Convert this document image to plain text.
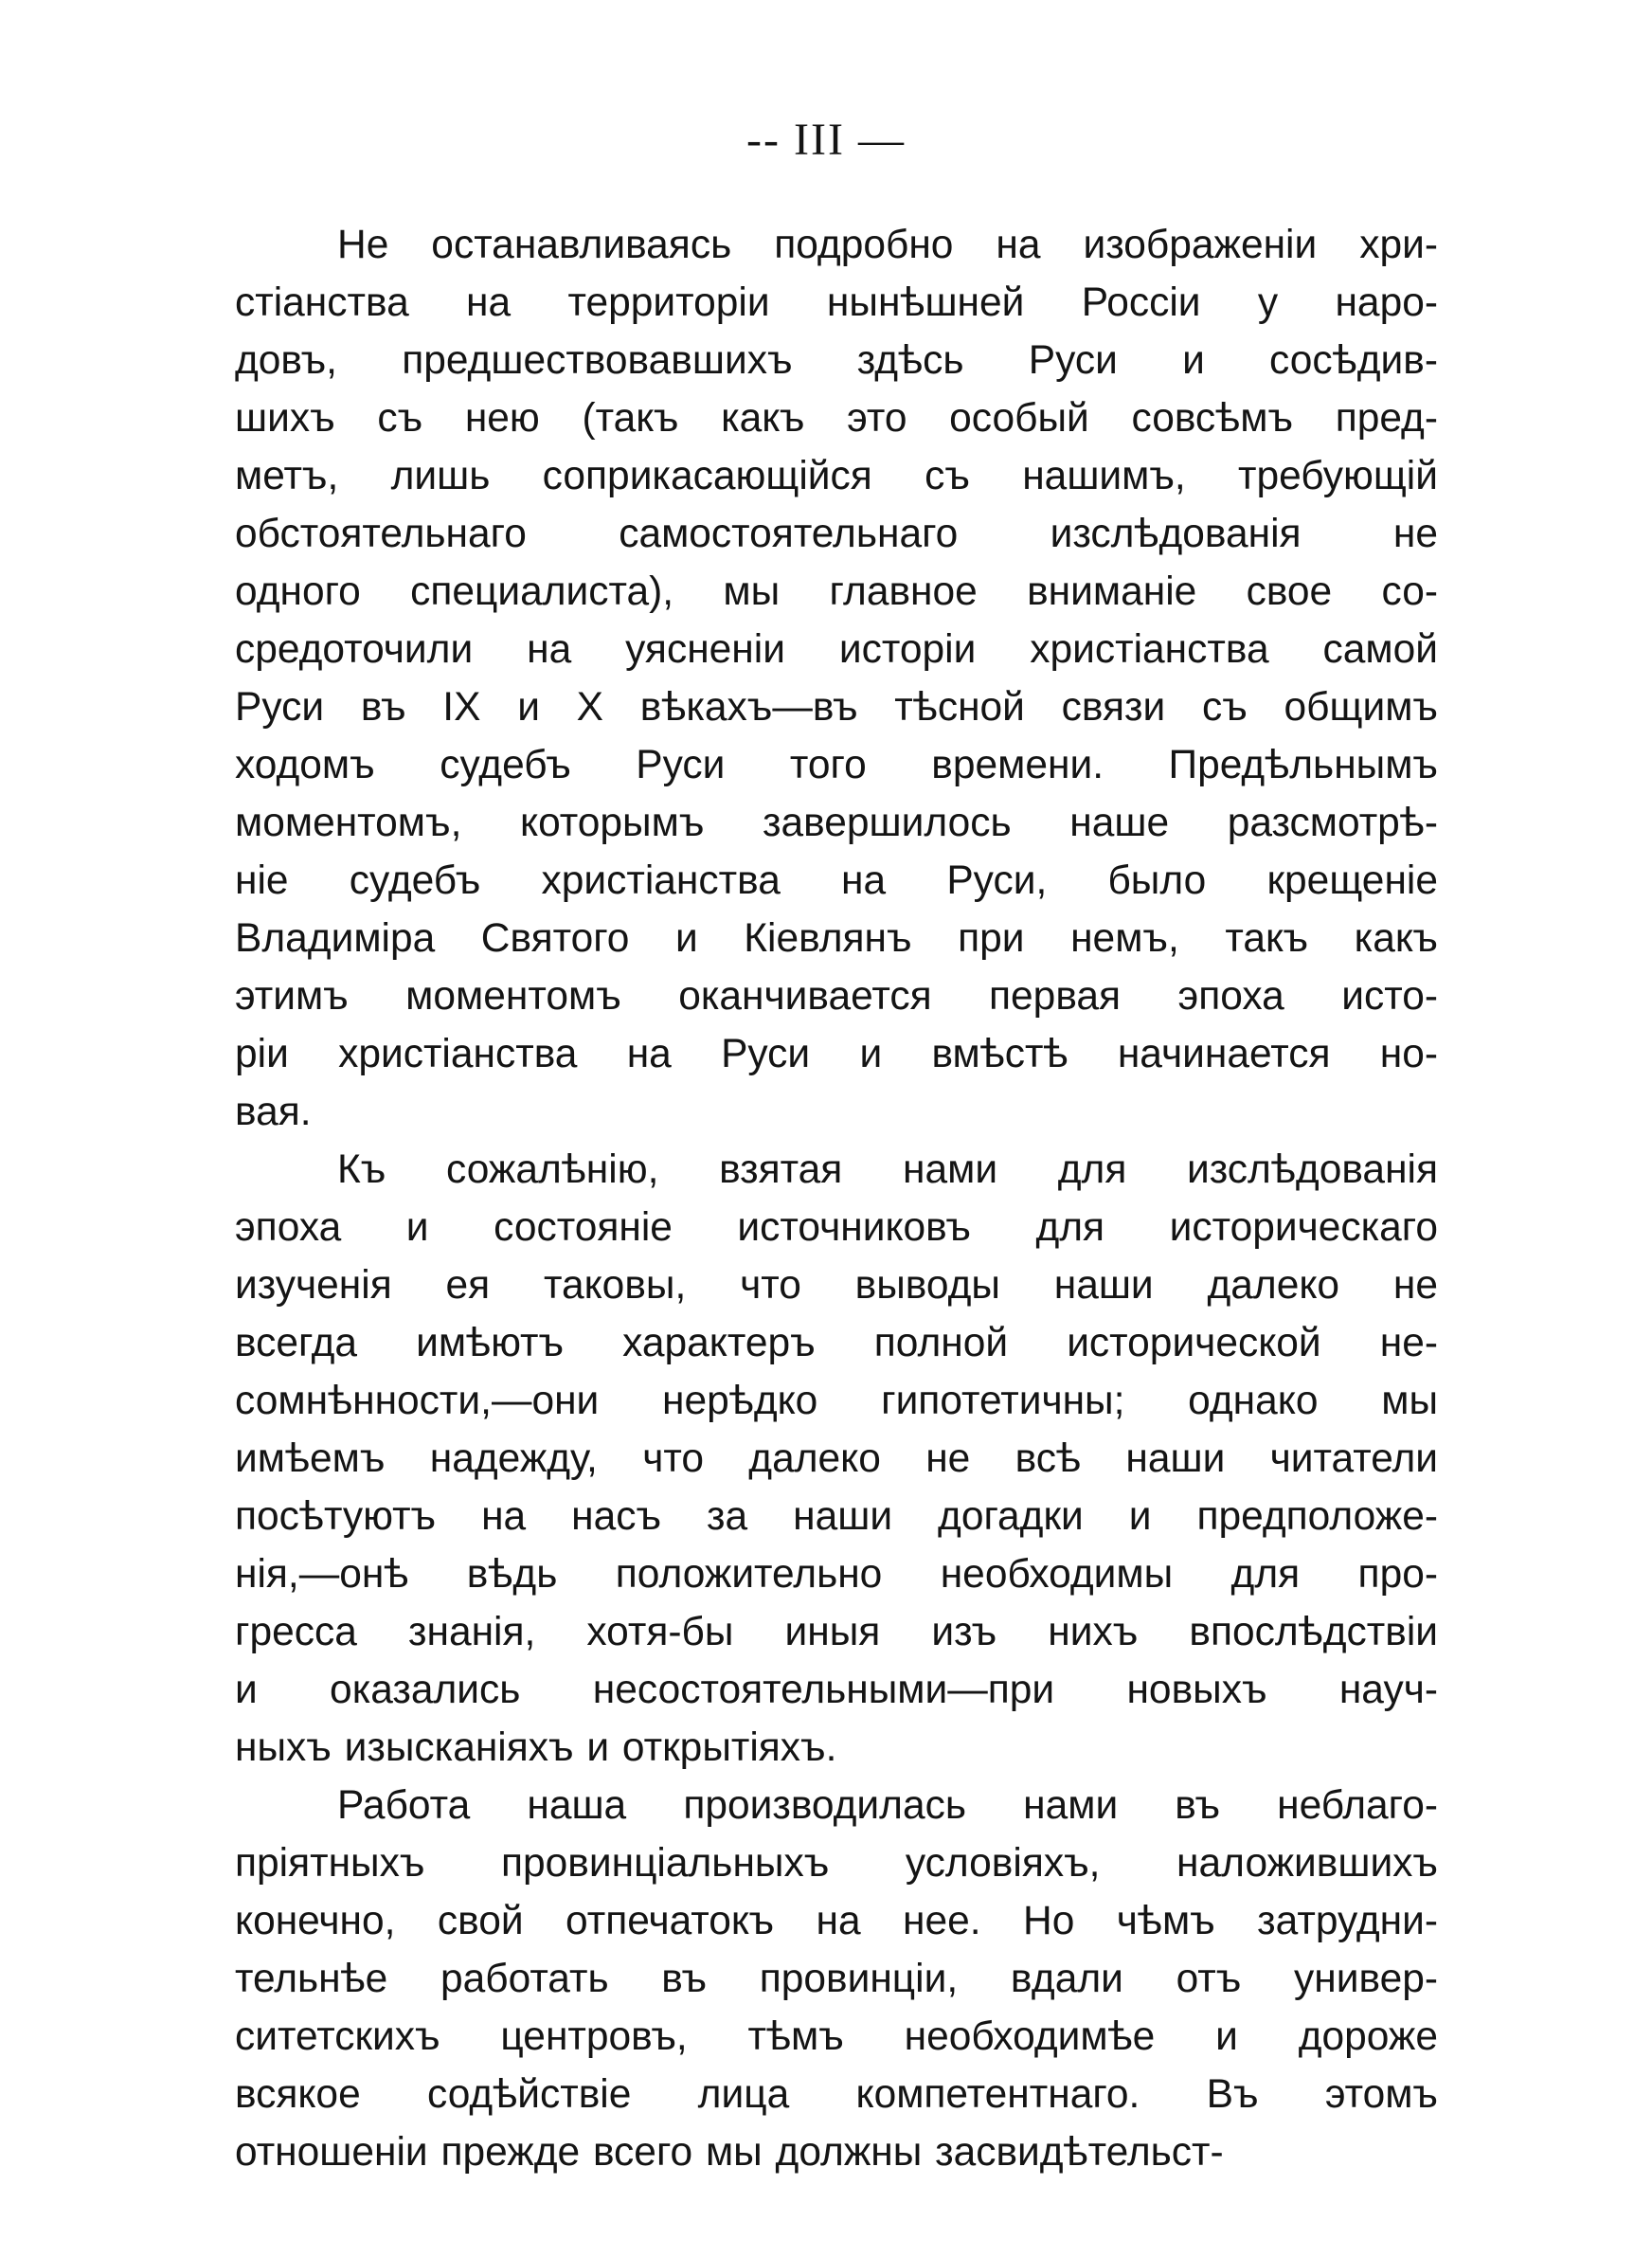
-- III —
Не останавливаясь подробно на изображенiи хри-
стiанства на территорiи нынѣшней Россiи у наро-
довъ, предшествовавшихъ здѣсь Руси и сосѣдив-
шихъ съ нею (такъ какъ это особый совсѣмъ пред-
метъ, лишь соприкасающiйся съ нашимъ, требующiй
обстоятельнаго самостоятельнаго изслѣдованiя не
одного специалиста), мы главное вниманiе свое со-
средоточили на уясненiи исторiи христiанства самой
Руси въ IX и X вѣкахъ—въ тѣсной связи съ общимъ
ходомъ судебъ Руси того времени. Предѣльнымъ
моментомъ, которымъ завершилось наше разсмотрѣ-
нiе судебъ христiанства на Руси, было крещенiе
Владимiра Святого и Кiевлянъ при немъ, такъ какъ
этимъ моментомъ оканчивается первая эпоха исто-
рiи христiанства на Руси и вмѣстѣ начинается но-
вая.
Къ сожалѣнiю, взятая нами для изслѣдованiя
эпоха и состоянiе источниковъ для историческаго
изученiя ея таковы, что выводы наши далеко не
всегда имѣютъ характеръ полной исторической не-
сомнѣнности,—они нерѣдко гипотетичны; однако мы
имѣемъ надежду, что далеко не всѣ наши читатели
посѣтуютъ на насъ за наши догадки и предположе-
нiя,—онѣ вѣдь положительно необходимы для про-
гресса знанiя, хотя-бы иныя изъ нихъ впослѣдствiи
и оказались несостоятельными—при новыхъ науч-
ныхъ изысканiяхъ и открытiяхъ.
Работа наша производилась нами въ неблаго-
прiятныхъ провинцiальныхъ условiяхъ, наложившихъ
конечно, свой отпечатокъ на нее. Но чѣмъ затрудни-
тельнѣе работать въ провинцiи, вдали отъ универ-
ситетскихъ центровъ, тѣмъ необходимѣе и дороже
всякое содѣйствiе лица компетентнаго. Въ этомъ
отношенiи прежде всего мы должны засвидѣтельст-
